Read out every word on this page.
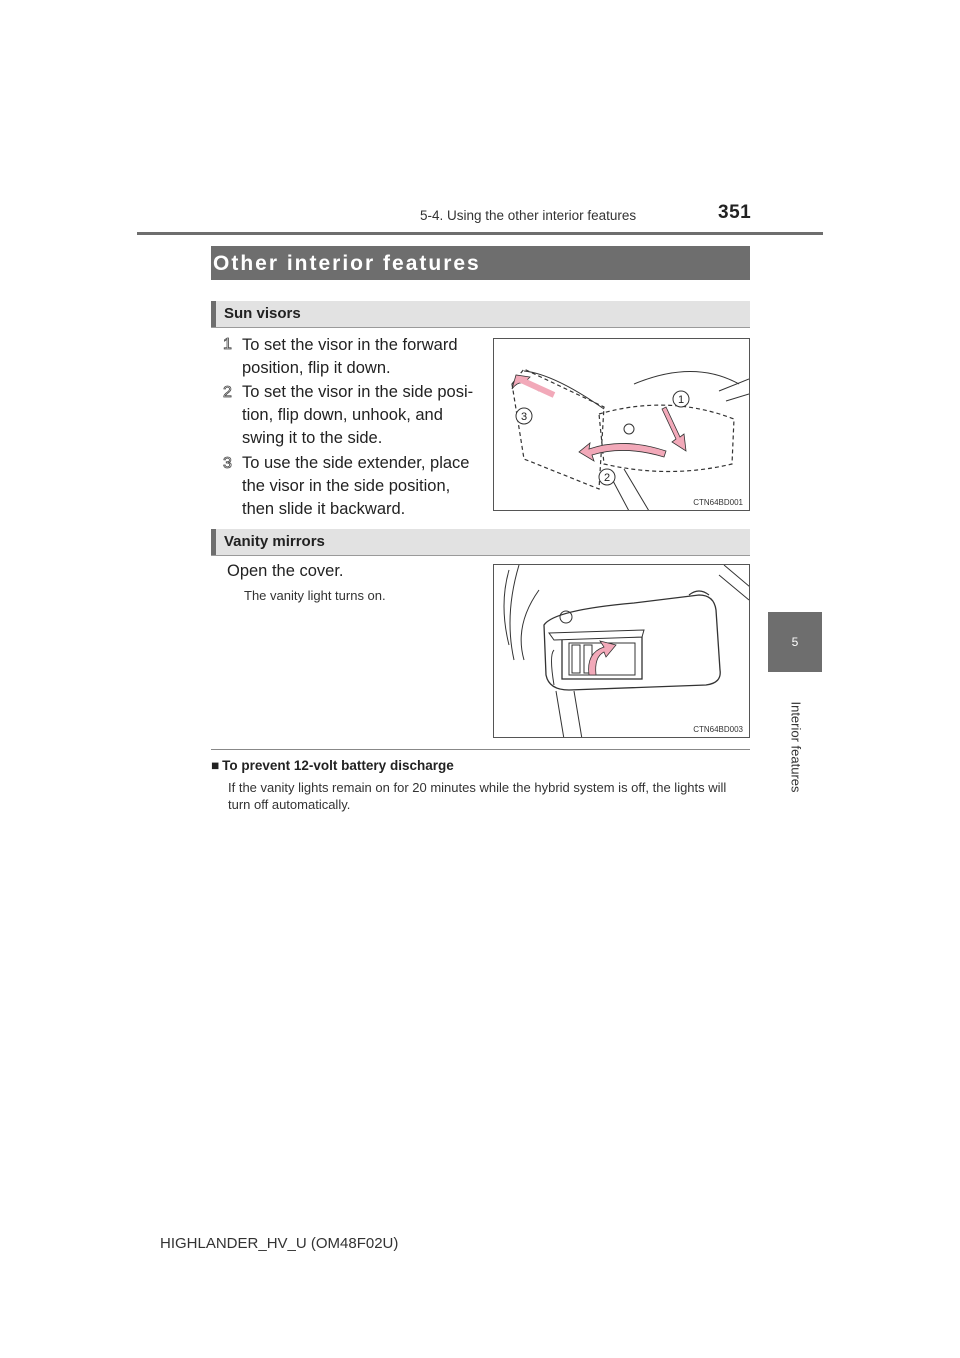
5-4. Using the other interior features	351
5
Interior features
Other interior features
Sun visors
1 To set the visor in the forward
position, flip it down.
2 To set the visor in the side posi-
tion, flip down, unhook, and
swing it to the side.
3 To use the side extender, place
the visor in the side position,
then slide it backward.
1
2
3
CTN64BD001
Vanity mirrors
Open the cover.
The vanity light turns on.
CTN64BD003
■ To prevent 12-volt battery discharge
If the vanity lights remain on for 20 minutes while the hybrid system is off, the lights will turn off automatically.
HIGHLANDER_HV_U (OM48F02U)
